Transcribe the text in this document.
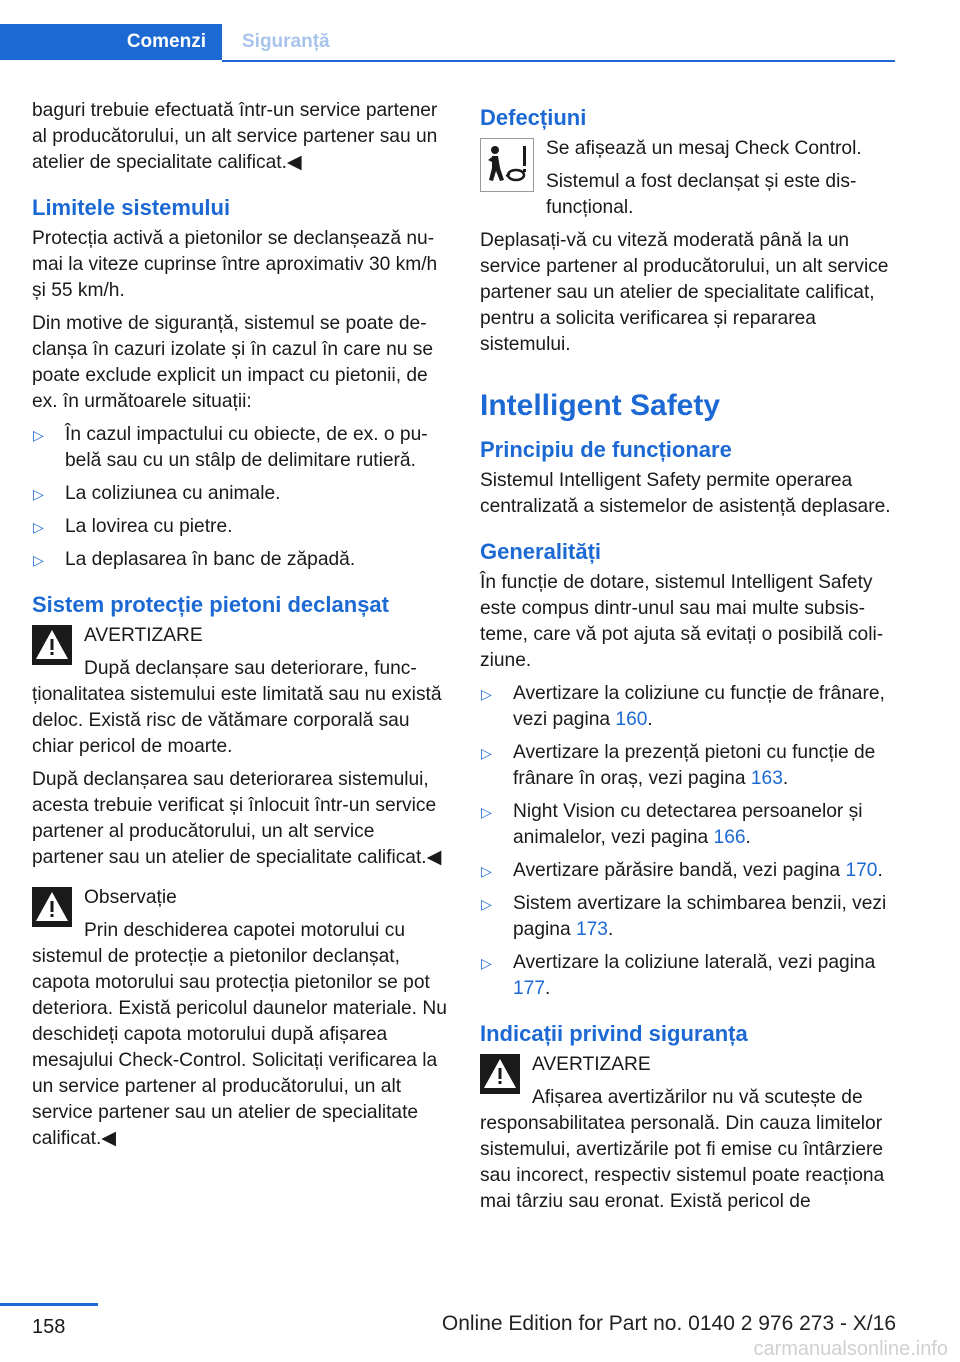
Comenzi	Siguranță

baguri trebuie efectuată într-un service partener al producătorului, un alt service partener sau un atelier de specialitate calificat.◀

Limitele sistemului

Protecția activă a pietonilor se declanșează numai la viteze cuprinse între aproximativ 30 km/h și 55 km/h.

Din motive de siguranță, sistemul se poate declanșa în cazuri izolate și în cazul în care nu se poate exclude explicit un impact cu pietonii, de ex. în următoarele situații:

▷ În cazul impactului cu obiecte, de ex. o pubelă sau cu un stâlp de delimitare rutieră.
▷ La coliziunea cu animale.
▷ La lovirea cu pietre.
▷ La deplasarea în banc de zăpadă.
Sistem protecție pietoni declanșat

AVERTIZARE

După declanșare sau deteriorare, funcționalitatea sistemului este limitată sau nu există deloc. Există risc de vătămare corporală sau chiar pericol de moarte.

După declanșarea sau deteriorarea sistemului, acesta trebuie verificat și înlocuit într-un service partener al producătorului, un alt service partener sau un atelier de specialitate calificat.◀

Observație

Prin deschiderea capotei motorului cu sistemul de protecție a pietonilor declanșat, capota motorului sau protecția pietonilor se pot deteriora. Există pericolul daunelor materiale. Nu deschideți capota motorului după afișarea mesajului Check-Control. Solicitați verificarea la un service partener al producătorului, un alt service partener sau un atelier de specialitate calificat.◀

Defecțiuni

Se afișează un mesaj Check Control.

Sistemul a fost declanșat și este disfuncțional.

Deplasați-vă cu viteză moderată până la un service partener al producătorului, un alt service partener sau un atelier de specialitate calificat, pentru a solicita verificarea și repararea sistemului.

Intelligent Safety
Principiu de funcționare

Sistemul Intelligent Safety permite operarea centralizată a sistemelor de asistență deplasare.

Generalități

În funcție de dotare, sistemul Intelligent Safety este compus dintr-unul sau mai multe subsisteme, care vă pot ajuta să evitați o posibilă coliziune.

▷ Avertizare la coliziune cu funcție de frânare, vezi pagina 160.
▷ Avertizare la prezență pietoni cu funcție de frânare în oraș, vezi pagina 163.
▷ Night Vision cu detectarea persoanelor și animalelor, vezi pagina 166.
▷ Avertizare părăsire bandă, vezi pagina 170.
▷ Sistem avertizare la schimbarea benzii, vezi pagina 173.
▷ Avertizare la coliziune laterală, vezi pagina 177.
Indicații privind siguranța

AVERTIZARE

Afișarea avertizărilor nu vă scutește de responsabilitatea personală. Din cauza limitelor sistemului, avertizările pot fi emise cu întârziere sau incorect, respectiv sistemul poate reacționa mai târziu sau eronat. Există pericol de

158	Online Edition for Part no. 0140 2 976 273 - X/16
carmanualsonline.info
